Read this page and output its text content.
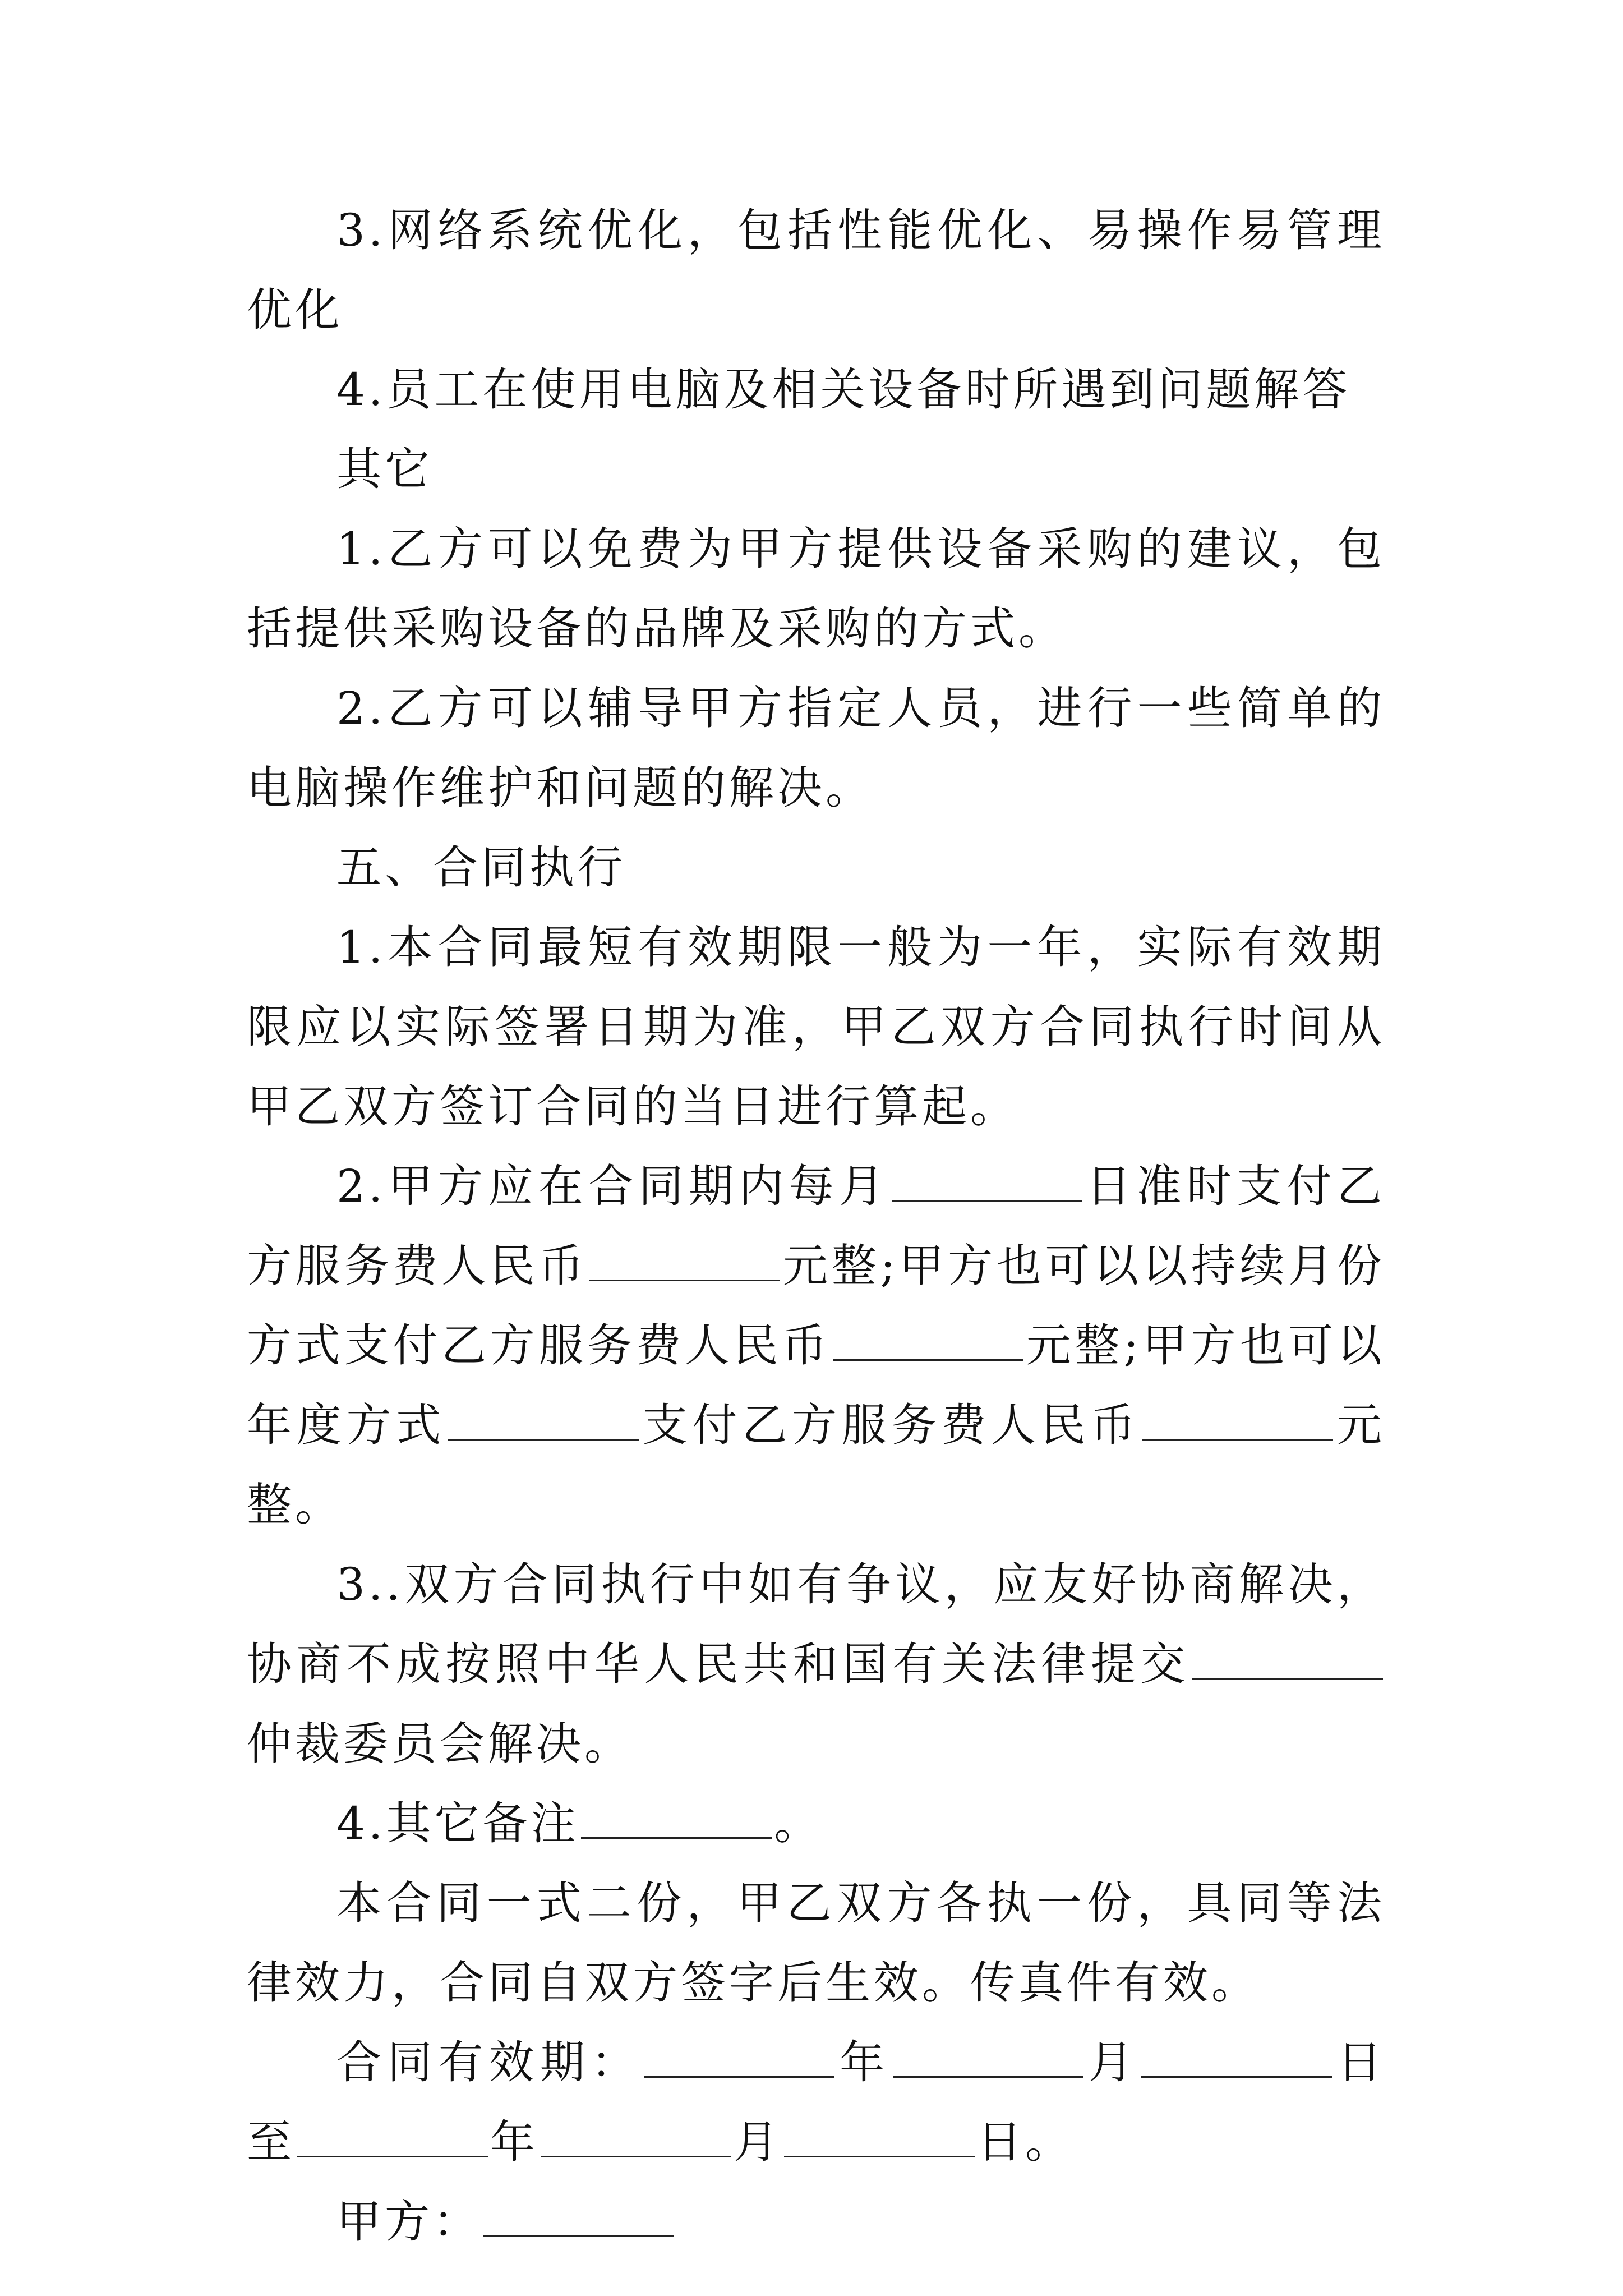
3.网络系统优化，包括性能优化、易操作易管理优化

4.员工在使用电脑及相关设备时所遇到问题解答

其它

1.乙方可以免费为甲方提供设备采购的建议，包括提供采购设备的品牌及采购的方式。

2.乙方可以辅导甲方指定人员，进行一些简单的电脑操作维护和问题的解决。

五、合同执行

1.本合同最短有效期限一般为一年，实际有效期限应以实际签署日期为准，甲乙双方合同执行时间从甲乙双方签订合同的当日进行算起。

2.甲方应在合同期内每月	日准时支付乙方服务费人民币	元整;甲方也可以以持续月份方式支付乙方服务费人民币	元整;甲方也可以年度方式	支付乙方服务费人民币	元整。

3..双方合同执行中如有争议，应友好协商解决，协商不成按照中华人民共和国有关法律提交仲裁委员会解决。

4.其它备注	。

本合同一式二份，甲乙双方各执一份，具同等法律效力，合同自双方签字后生效。传真件有效。

合同有效期：	年	月	日至	年	月	日。

甲方：
